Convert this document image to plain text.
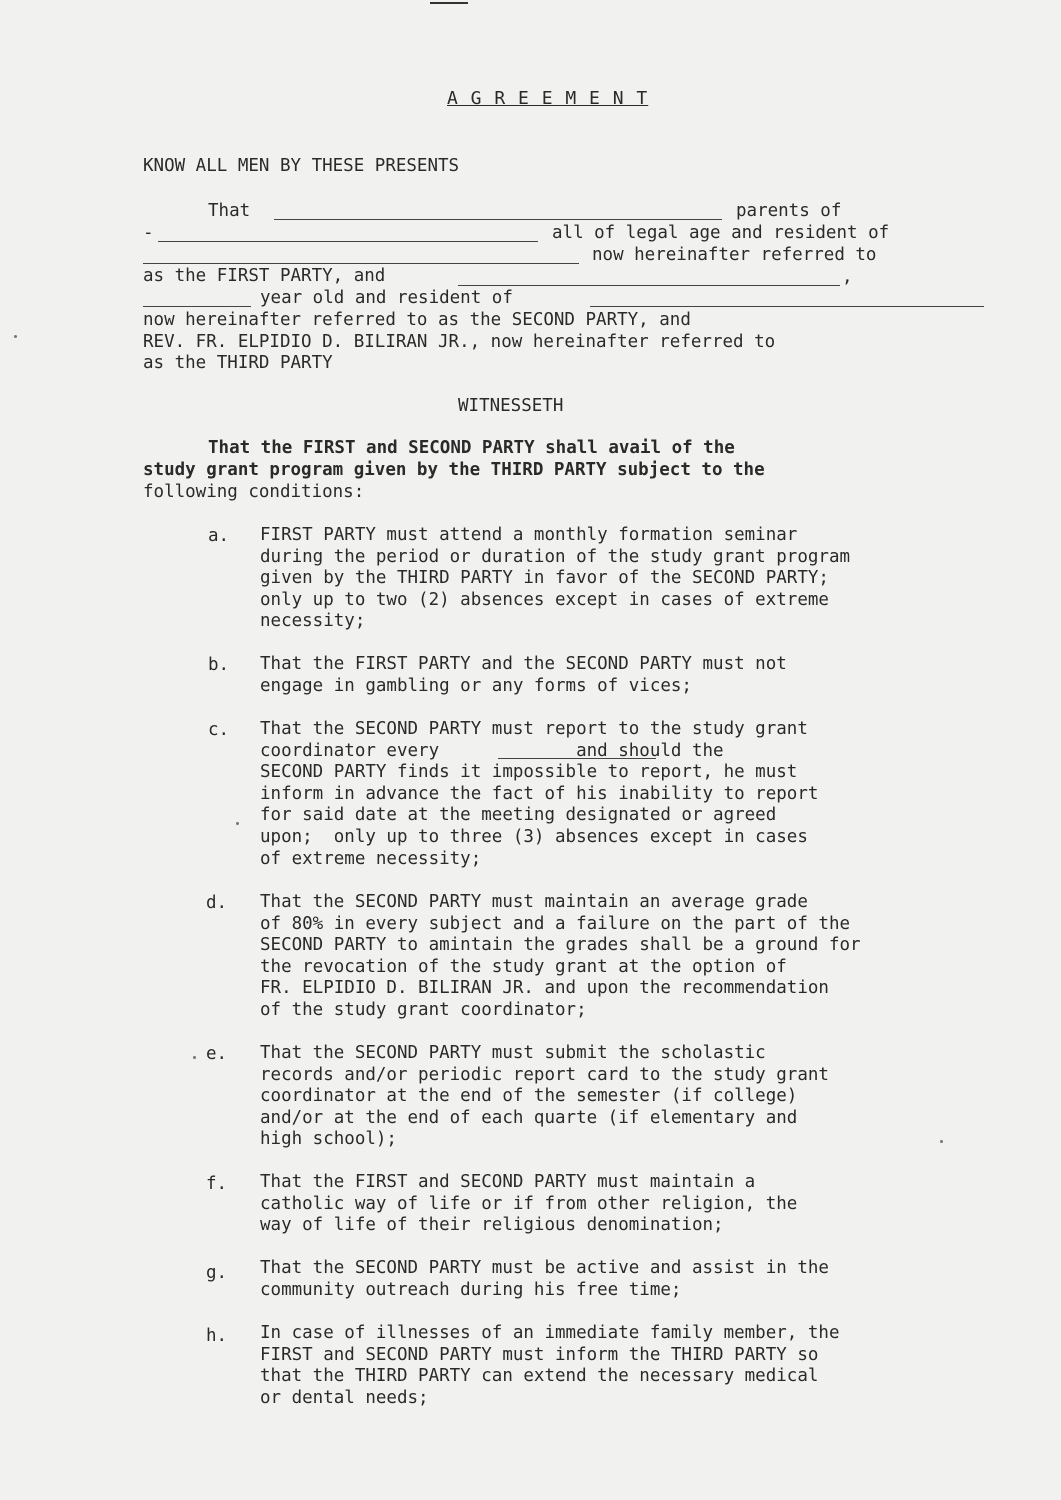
A G R E E M E N T
KNOW ALL MEN BY THESE PRESENTS
That	parents of
-	all of legal age and resident of
now hereinafter referred to
as the FIRST PARTY, and	,
year old and resident of
now hereinafter referred to as the SECOND PARTY, and
REV. FR. ELPIDIO D. BILIRAN JR., now hereinafter referred to
as the THIRD PARTY
WITNESSETH
That the FIRST and SECOND PARTY shall avail of the
study grant program given by the THIRD PARTY subject to the
following conditions:
a. FIRST PARTY must attend a monthly formation seminar
during the period or duration of the study grant program
given by the THIRD PARTY in favor of the SECOND PARTY;
only up to two (2) absences except in cases of extreme
necessity;
b. That the FIRST PARTY and the SECOND PARTY must not
engage in gambling or any forms of vices;
c. That the SECOND PARTY must report to the study grant
coordinator every             and should the
SECOND PARTY finds it impossible to report, he must
inform in advance the fact of his inability to report
for said date at the meeting designated or agreed
upon;  only up to three (3) absences except in cases
of extreme necessity;
d. That the SECOND PARTY must maintain an average grade
of 80% in every subject and a failure on the part of the
SECOND PARTY to amintain the grades shall be a ground for
the revocation of the study grant at the option of
FR. ELPIDIO D. BILIRAN JR. and upon the recommendation
of the study grant coordinator;
e. That the SECOND PARTY must submit the scholastic
records and/or periodic report card to the study grant
coordinator at the end of the semester (if college)
and/or at the end of each quarte (if elementary and
high school);
f. That the FIRST and SECOND PARTY must maintain a
catholic way of life or if from other religion, the
way of life of their religious denomination;
g. That the SECOND PARTY must be active and assist in the
community outreach during his free time;
h. In case of illnesses of an immediate family member, the
FIRST and SECOND PARTY must inform the THIRD PARTY so
that the THIRD PARTY can extend the necessary medical
or dental needs;
